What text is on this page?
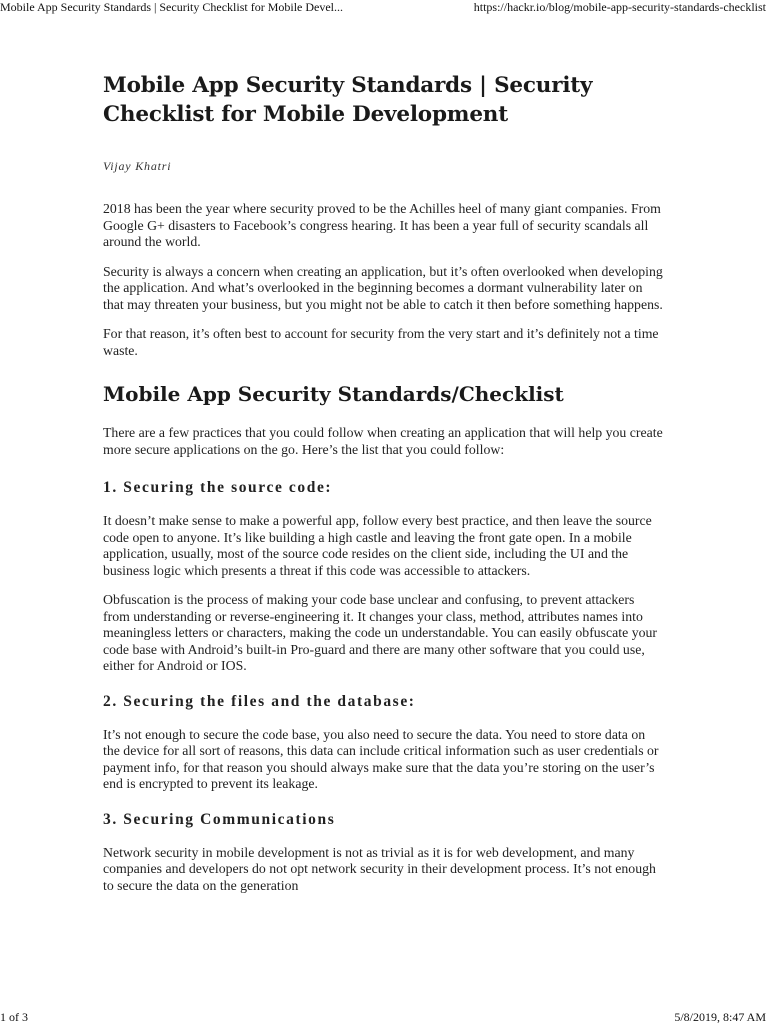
Mobile App Security Standards | Security Checklist for Mobile Devel...	https://hackr.io/blog/mobile-app-security-standards-checklist
Mobile App Security Standards | Security
Checklist for Mobile Development

Vijay Khatri

2018 has been the year where security proved to be the Achilles heel of many giant companies. From Google G+ disasters to Facebook’s congress hearing. It has been a year full of security scandals all around the world.

Security is always a concern when creating an application, but it’s often overlooked when developing the application. And what’s overlooked in the beginning becomes a dormant vulnerability later on that may threaten your business, but you might not be able to catch it then before something happens.

For that reason, it’s often best to account for security from the very start and it’s definitely not a time waste.

Mobile App Security Standards/Checklist

There are a few practices that you could follow when creating an application that will help you create more secure applications on the go. Here’s the list that you could follow:

1. Securing the source code:

It doesn’t make sense to make a powerful app, follow every best practice, and then leave the source code open to anyone. It’s like building a high castle and leaving the front gate open. In a mobile application, usually, most of the source code resides on the client side, including the UI and the business logic which presents a threat if this code was accessible to attackers.

Obfuscation is the process of making your code base unclear and confusing, to prevent attackers from understanding or reverse-engineering it. It changes your class, method, attributes names into meaningless letters or characters, making the code un understandable. You can easily obfuscate your code base with Android’s built-in Pro-guard and there are many other software that you could use, either for Android or IOS.

2. Securing the files and the database:

It’s not enough to secure the code base, you also need to secure the data. You need to store data on the device for all sort of reasons, this data can include critical information such as user credentials or payment info, for that reason you should always make sure that the data you’re storing on the user’s end is encrypted to prevent its leakage.

3. Securing Communications

Network security in mobile development is not as trivial as it is for web development, and many companies and developers do not opt network security in their development process. It’s not enough to secure the data on the generation

1 of 3	5/8/2019, 8:47 AM
